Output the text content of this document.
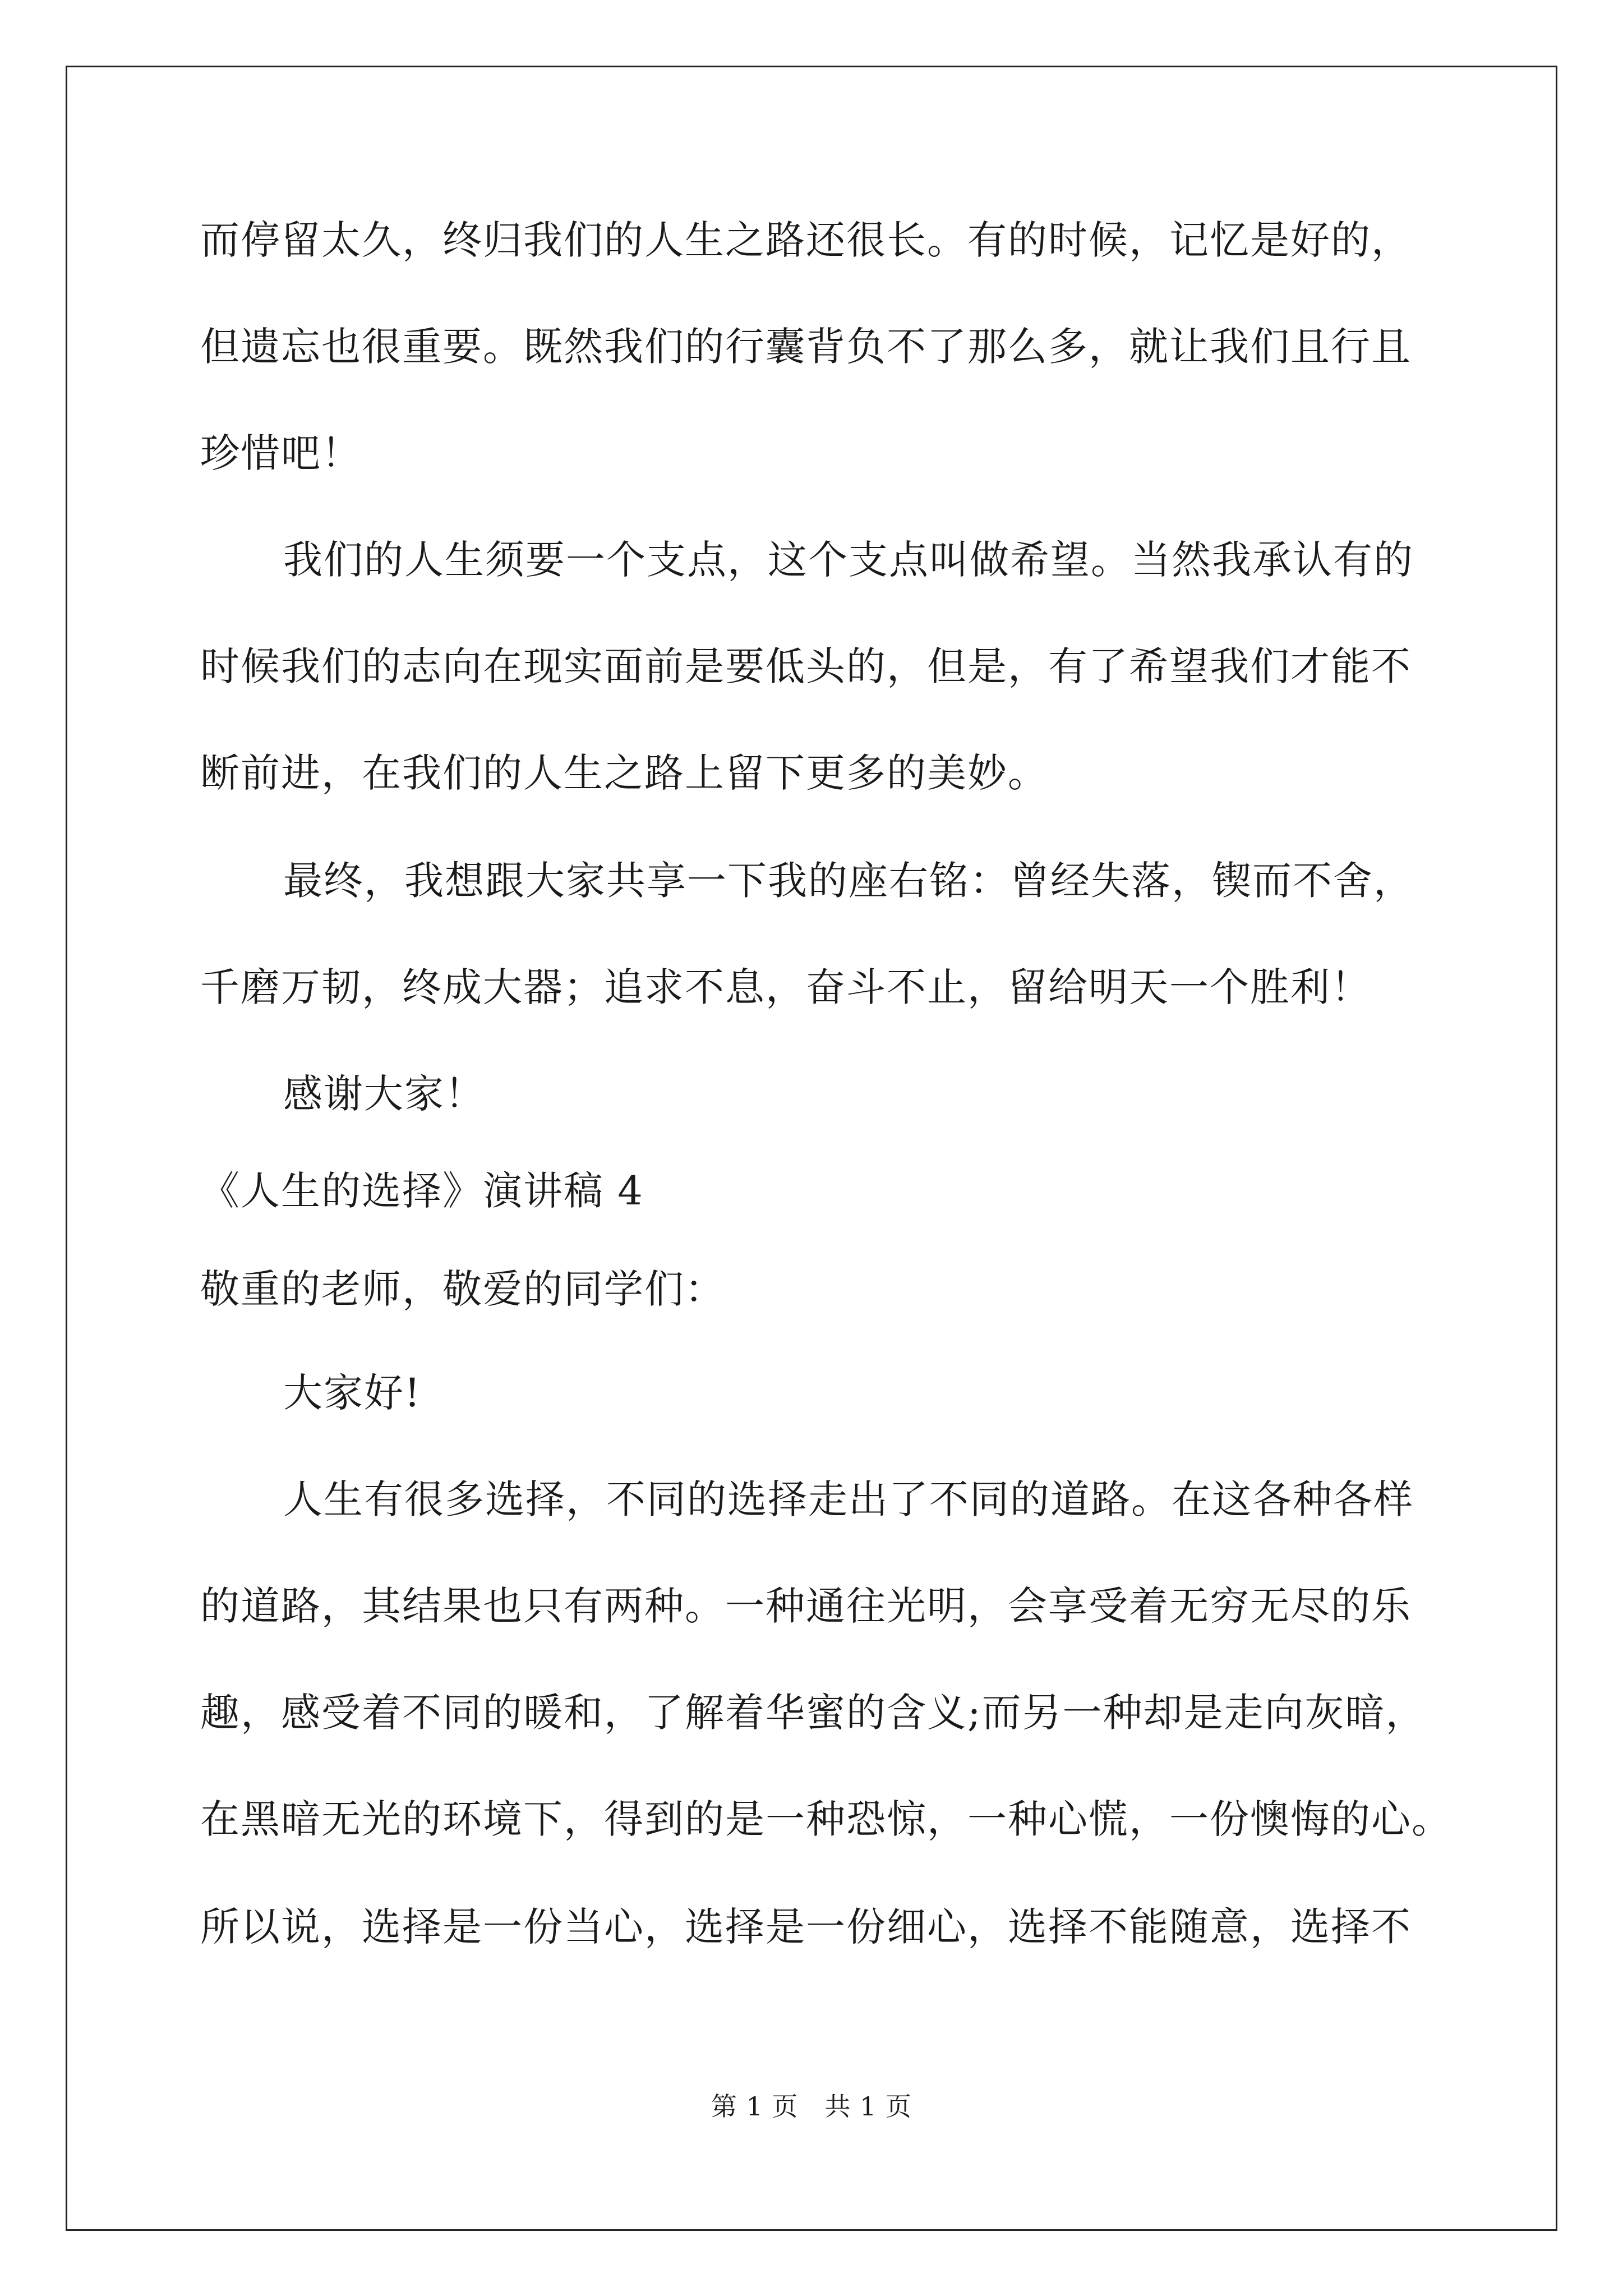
而停留太久，终归我们的人生之路还很长。有的时候，记忆是好的，
但遗忘也很重要。既然我们的行囊背负不了那么多，就让我们且行且
珍惜吧！
我们的人生须要一个支点，这个支点叫做希望。当然我承认有的
时候我们的志向在现实面前是要低头的，但是，有了希望我们才能不
断前进，在我们的人生之路上留下更多的美妙。
最终，我想跟大家共享一下我的座右铭：曾经失落，锲而不舍，
千磨万韧，终成大器；追求不息，奋斗不止，留给明天一个胜利！
感谢大家！
《人生的选择》演讲稿 4
敬重的老师，敬爱的同学们：
大家好!
人生有很多选择，不同的选择走出了不同的道路。在这各种各样
的道路，其结果也只有两种。一种通往光明，会享受着无穷无尽的乐
趣，感受着不同的暖和，了解着华蜜的含义;而另一种却是走向灰暗，
在黑暗无光的环境下，得到的是一种恐惊，一种心慌，一份懊悔的心。
所以说，选择是一份当心，选择是一份细心，选择不能随意，选择不
第 1 页　共 1 页
